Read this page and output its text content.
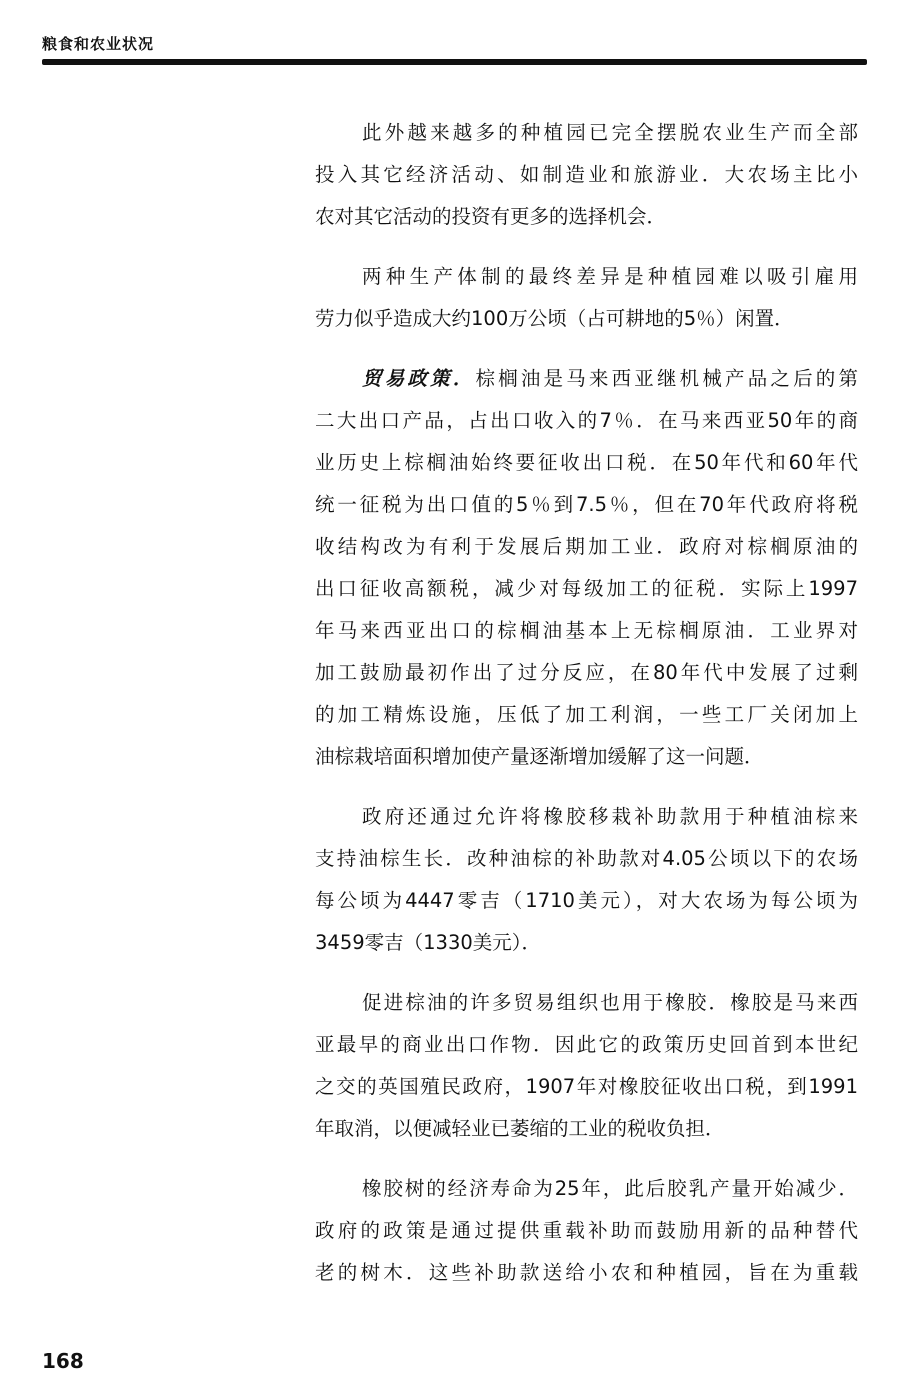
粮食和农业状况
此外越来越多的种植园已完全摆脱农业生产而全部
投入其它经济活动、如制造业和旅游业．大农场主比小
农对其它活动的投资有更多的选择机会．
两种生产体制的最终差异是种植园难以吸引雇用
劳力似乎造成大约100万公顷（占可耕地的5％）闲置．
贸易政策．棕榈油是马来西亚继机械产品之后的第
二大出口产品，占出口收入的7％．在马来西亚50年的商
业历史上棕榈油始终要征收出口税．在50年代和60年代
统一征税为出口值的5％到7.5％，但在70年代政府将税
收结构改为有利于发展后期加工业．政府对棕榈原油的
出口征收高额税，减少对每级加工的征税．实际上1997
年马来西亚出口的棕榈油基本上无棕榈原油．工业界对
加工鼓励最初作出了过分反应，在80年代中发展了过剩
的加工精炼设施，压低了加工利润，一些工厂关闭加上
油棕栽培面积增加使产量逐渐增加缓解了这一问题．
政府还通过允许将橡胶移栽补助款用于种植油棕来
支持油棕生长．改种油棕的补助款对4.05公顷以下的农场
每公顷为4447零吉（1710美元），对大农场为每公顷为
3459零吉（1330美元）．
促进棕油的许多贸易组织也用于橡胶．橡胶是马来西
亚最早的商业出口作物．因此它的政策历史回首到本世纪
之交的英国殖民政府，1907年对橡胶征收出口税，到1991
年取消，以便减轻业已萎缩的工业的税收负担．
橡胶树的经济寿命为25年，此后胶乳产量开始减少．
政府的政策是通过提供重载补助而鼓励用新的品种替代
老的树木．这些补助款送给小农和种植园，旨在为重载
168
